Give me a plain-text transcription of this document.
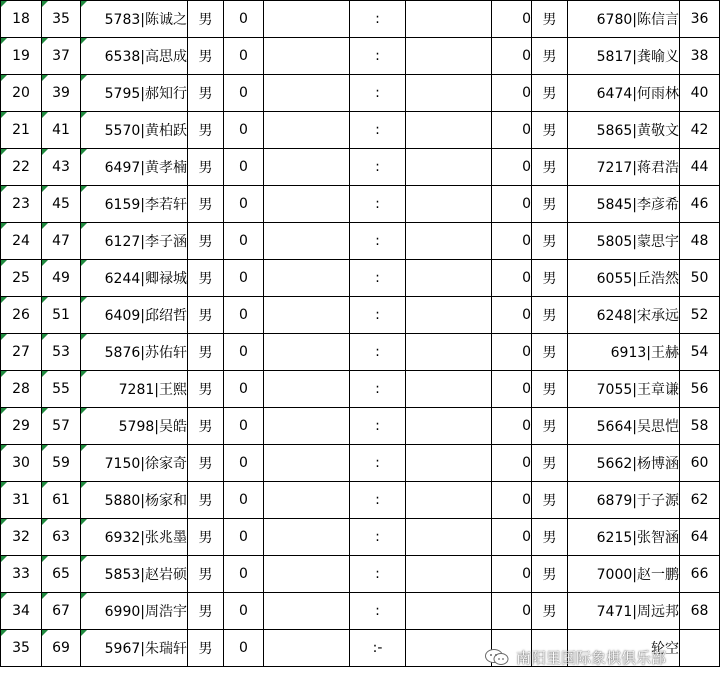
18	35	5783|陈诚之	男	0		:		0	男	6780|陈信言	36
19	37	6538|高思成	男	0		:		0	男	5817|龚喻义	38
20	39	5795|郝知行	男	0		:		0	男	6474|何雨林	40
21	41	5570|黄柏跃	男	0		:		0	男	5865|黄敬文	42
22	43	6497|黄孝楠	男	0		:		0	男	7217|蒋君浩	44
23	45	6159|李若轩	男	0		:		0	男	5845|李彦希	46
24	47	6127|李子涵	男	0		:		0	男	5805|蒙思宇	48
25	49	6244|卿禄城	男	0		:		0	男	6055|丘浩然	50
26	51	6409|邱绍哲	男	0		:		0	男	6248|宋承远	52
27	53	5876|苏佑轩	男	0		:		0	男	6913|王赫	54
28	55	7281|王熙	男	0		:		0	男	7055|王章谦	56
29	57	5798|吴皓	男	0		:		0	男	5664|吴思恺	58
30	59	7150|徐家奇	男	0		:		0	男	5662|杨博涵	60
31	61	5880|杨家和	男	0		:		0	男	6879|于子源	62
32	63	6932|张兆墨	男	0		:		0	男	6215|张智涵	64
33	65	5853|赵岩硕	男	0		:		0	男	7000|赵一鹏	66
34	67	6990|周浩宇	男	0		:		0	男	7471|周远邦	68
35	69	5967|朱瑞轩	男	0		:-				轮空	
南阳里国际象棋俱乐部
